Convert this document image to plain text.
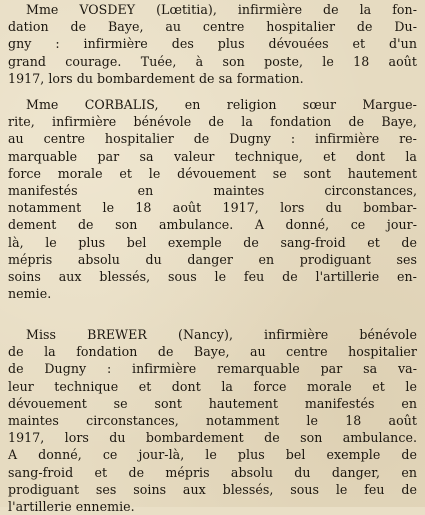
Mme VOSDEY (Lœtitia), infirmière de la fon-
dation de Baye, au centre hospitalier de Du-
gny : infirmière des plus dévouées et d'un
grand courage. Tuée, à son poste, le 18 août
1917, lors du bombardement de sa formation.

Mme CORBALIS, en religion sœur Margue-
rite, infirmière bénévole de la fondation de Baye,
au centre hospitalier de Dugny : infirmière re-
marquable par sa valeur technique, et dont la
force morale et le dévouement se sont hautement
manifestés en maintes circonstances,
notamment le 18 août 1917, lors du bombar-
dement de son ambulance. A donné, ce jour-
là, le plus bel exemple de sang-froid et de
mépris absolu du danger en prodiguant ses
soins aux blessés, sous le feu de l'artillerie en-
nemie.

Miss BREWER (Nancy), infirmière bénévole
de la fondation de Baye, au centre hospitalier
de Dugny : infirmière remarquable par sa va-
leur technique et dont la force morale et le
dévouement se sont hautement manifestés en
maintes circonstances, notamment le 18 août
1917, lors du bombardement de son ambulance.
A donné, ce jour-là, le plus bel exemple de
sang-froid et de mépris absolu du danger, en
prodiguant ses soins aux blessés, sous le feu de
l'artillerie ennemie.
